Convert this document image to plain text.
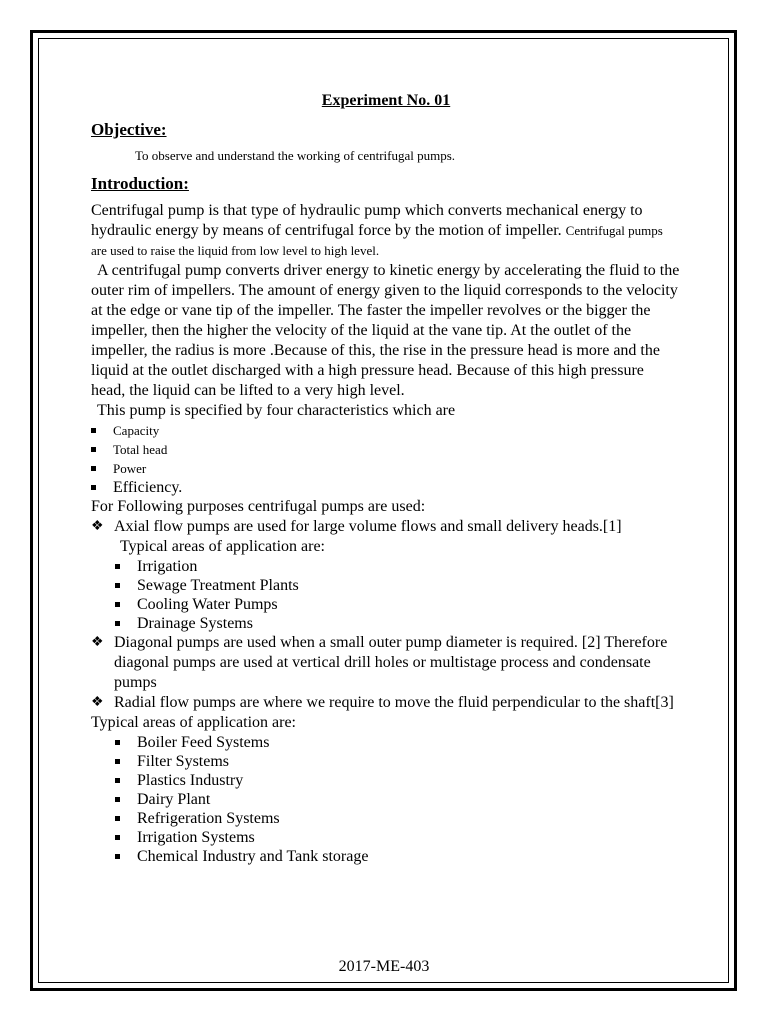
Experiment No. 01
Objective:
To observe and understand the working of centrifugal pumps.
Introduction:

Centrifugal pump is that type of hydraulic pump which converts mechanical energy to hydraulic energy by means of centrifugal force by the motion of impeller. Centrifugal pumps are used to raise the liquid from low level to high level.

A centrifugal pump converts driver energy to kinetic energy by accelerating the fluid to the outer rim of impellers. The amount of energy given to the liquid corresponds to the velocity at the edge or vane tip of the impeller. The faster the impeller revolves or the bigger the impeller, then the higher the velocity of the liquid at the vane tip. At the outlet of the impeller, the radius is more .Because of this, the rise in the pressure head is more and the liquid at the outlet discharged with a high pressure head. Because of this high pressure head, the liquid can be lifted to a very high level.

This pump is specified by four characteristics which are

Capacity
Total head
Power
Efficiency.

For Following purposes centrifugal pumps are used:

❖ Axial flow pumps are used for large volume flows and small delivery heads.[1]
Typical areas of application are:
Irrigation
Sewage Treatment Plants
Cooling Water Pumps
Drainage Systems
❖ Diagonal pumps are used when a small outer pump diameter is required. [2] Therefore diagonal pumps are used at vertical drill holes or multistage process and condensate pumps
❖ Radial flow pumps are where we require to move the fluid perpendicular to the shaft[3]
Typical areas of application are:
Boiler Feed Systems
Filter Systems
Plastics Industry
Dairy Plant
Refrigeration Systems
Irrigation Systems
Chemical Industry and Tank storage
2017-ME-403
